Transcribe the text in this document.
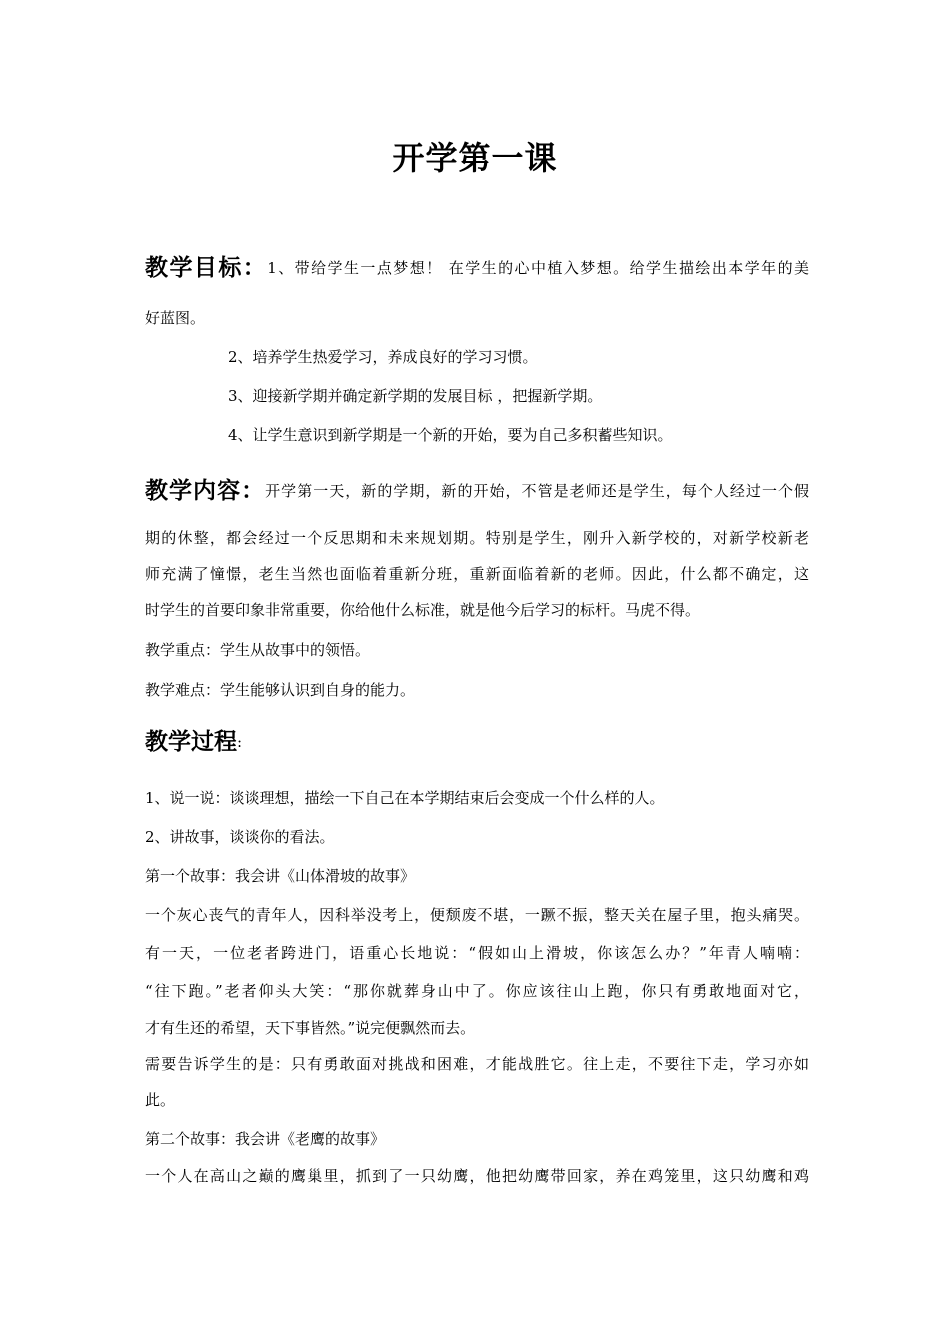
开学第一课
教学目标：1、带给学生一点梦想！ 在学生的心中植入梦想。给学生描绘出本学年的美
好蓝图。
2、培养学生热爱学习，养成良好的学习习惯。
3、迎接新学期并确定新学期的发展目标 ，把握新学期。
4、让学生意识到新学期是一个新的开始，要为自己多积蓄些知识。
教学内容：开学第一天，新的学期，新的开始，不管是老师还是学生，每个人经过一个假
期的休整，都会经过一个反思期和未来规划期。特别是学生，刚升入新学校的，对新学校新老
师充满了憧憬，老生当然也面临着重新分班，重新面临着新的老师。因此，什么都不确定，这
时学生的首要印象非常重要，你给他什么标准，就是他今后学习的标杆。马虎不得。
教学重点：学生从故事中的领悟。
教学难点：学生能够认识到自身的能力。
教学过程:
1、说一说：谈谈理想，描绘一下自己在本学期结束后会变成一个什么样的人。
2、讲故事，谈谈你的看法。
第一个故事：我会讲《山体滑坡的故事》
一个灰心丧气的青年人，因科举没考上，便颓废不堪，一蹶不振，整天关在屋子里，抱头痛哭。
有一天，一位老者跨进门，语重心长地说：“假如山上滑坡，你该怎么办？”年青人喃喃：
“往下跑。”老者仰头大笑：“那你就葬身山中了。你应该往山上跑，你只有勇敢地面对它，
才有生还的希望，天下事皆然。”说完便飘然而去。
需要告诉学生的是：只有勇敢面对挑战和困难，才能战胜它。往上走，不要往下走，学习亦如
此。
第二个故事：我会讲《老鹰的故事》
一个人在高山之巅的鹰巢里，抓到了一只幼鹰，他把幼鹰带回家，养在鸡笼里，这只幼鹰和鸡
